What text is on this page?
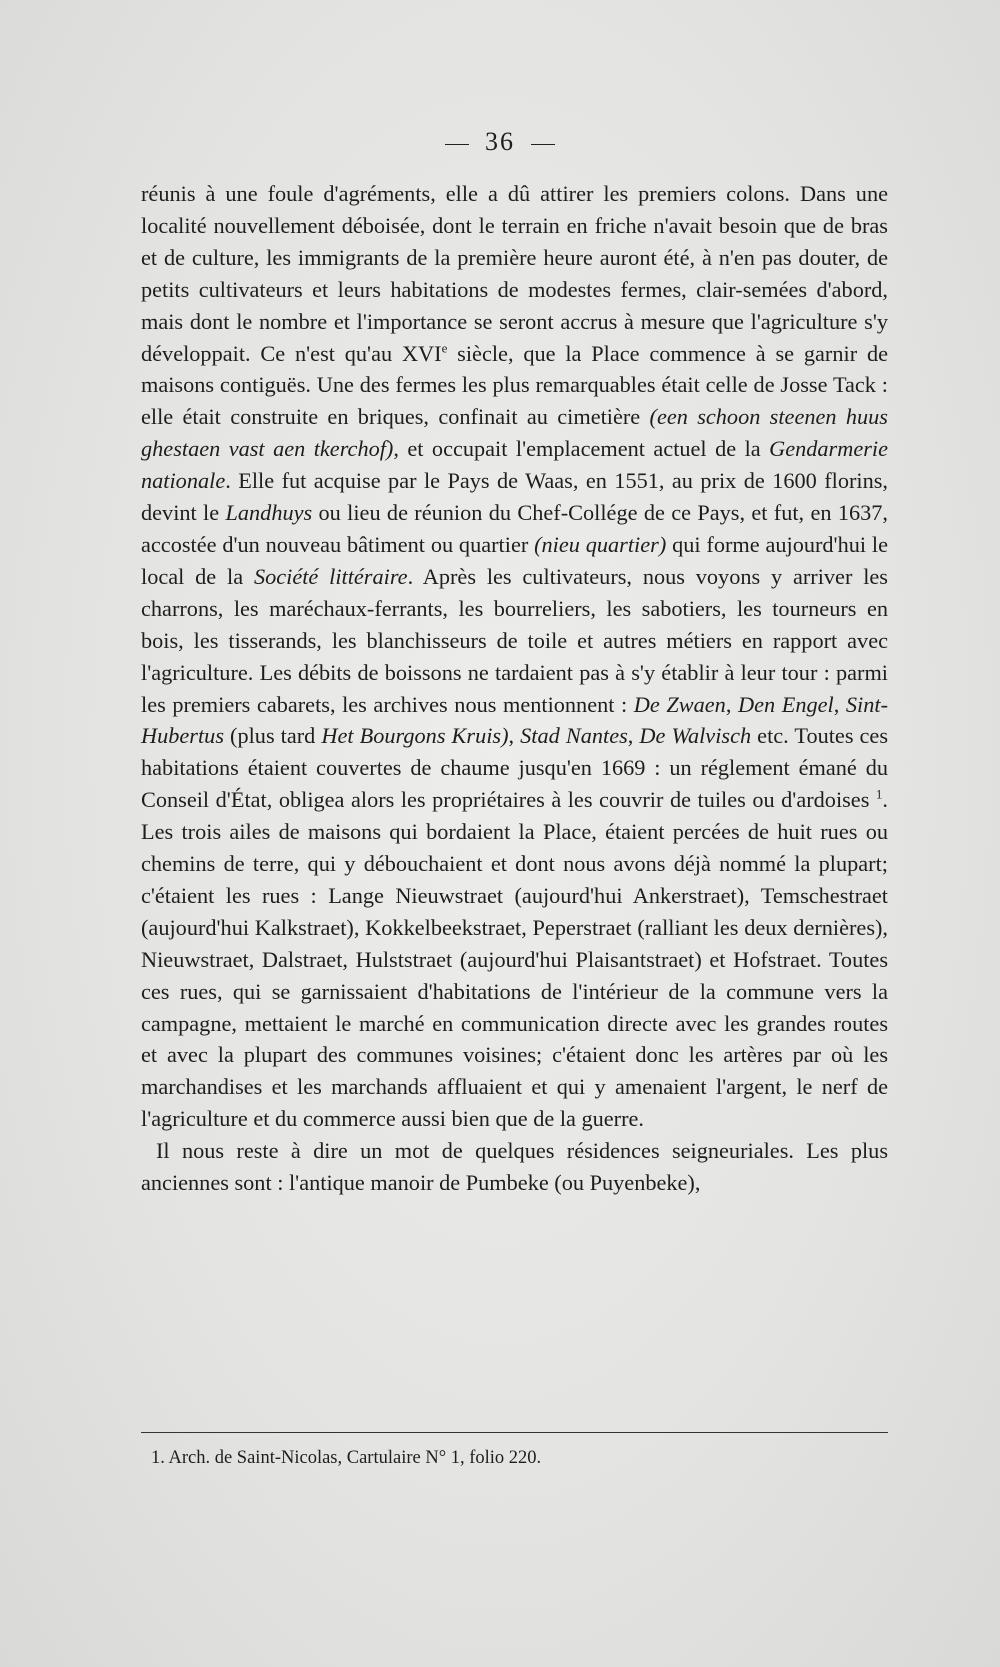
36

réunis à une foule d'agréments, elle a dû attirer les premiers colons. Dans une localité nouvellement déboisée, dont le terrain en friche n'avait besoin que de bras et de culture, les immigrants de la première heure auront été, à n'en pas douter, de petits cultivateurs et leurs habitations de modestes fermes, clair-semées d'abord, mais dont le nombre et l'importance se seront accrus à mesure que l'agriculture s'y développait. Ce n'est qu'au XVIe siècle, que la Place commence à se garnir de maisons contiguës. Une des fermes les plus remarquables était celle de Josse Tack : elle était construite en briques, confinait au cimetière (een schoon steenen huus ghestaen vast aen tkerchof), et occupait l'emplacement actuel de la Gendarmerie nationale. Elle fut acquise par le Pays de Waas, en 1551, au prix de 1600 florins, devint le Landhuys ou lieu de réunion du Chef-Collége de ce Pays, et fut, en 1637, accostée d'un nouveau bâtiment ou quartier (nieu quartier) qui forme aujourd'hui le local de la Société littéraire. Après les cultivateurs, nous voyons y arriver les charrons, les maréchaux-ferrants, les bourreliers, les sabotiers, les tourneurs en bois, les tisserands, les blanchisseurs de toile et autres métiers en rapport avec l'agriculture. Les débits de boissons ne tardaient pas à s'y établir à leur tour : parmi les premiers cabarets, les archives nous mentionnent : De Zwaen, Den Engel, Sint-Hubertus (plus tard Het Bourgons Kruis), Stad Nantes, De Walvisch etc. Toutes ces habitations étaient couvertes de chaume jusqu'en 1669 : un réglement émané du Conseil d'État, obligea alors les propriétaires à les couvrir de tuiles ou d'ardoises $^1$. Les trois ailes de maisons qui bordaient la Place, étaient percées de huit rues ou chemins de terre, qui y débouchaient et dont nous avons déjà nommé la plupart; c'étaient les rues : Lange Nieuwstraet (aujourd'hui Ankerstraet), Temschestraet (aujourd'hui Kalkstraet), Kokkelbeekstraet, Peperstraet (ralliant les deux dernières), Nieuwstraet, Dalstraet, Hulststraet (aujourd'hui Plaisantstraet) et Hofstraet. Toutes ces rues, qui se garnissaient d'habitations de l'intérieur de la commune vers la campagne, mettaient le marché en communication directe avec les grandes routes et avec la plupart des communes voisines; c'étaient donc les artères par où les marchandises et les marchands affluaient et qui y amenaient l'argent, le nerf de l'agriculture et du commerce aussi bien que de la guerre.

Il nous reste à dire un mot de quelques résidences seigneuriales. Les plus anciennes sont : l'antique manoir de Pumbeke (ou Puyenbeke),

1. Arch. de Saint-Nicolas, Cartulaire N° 1, folio 220.
